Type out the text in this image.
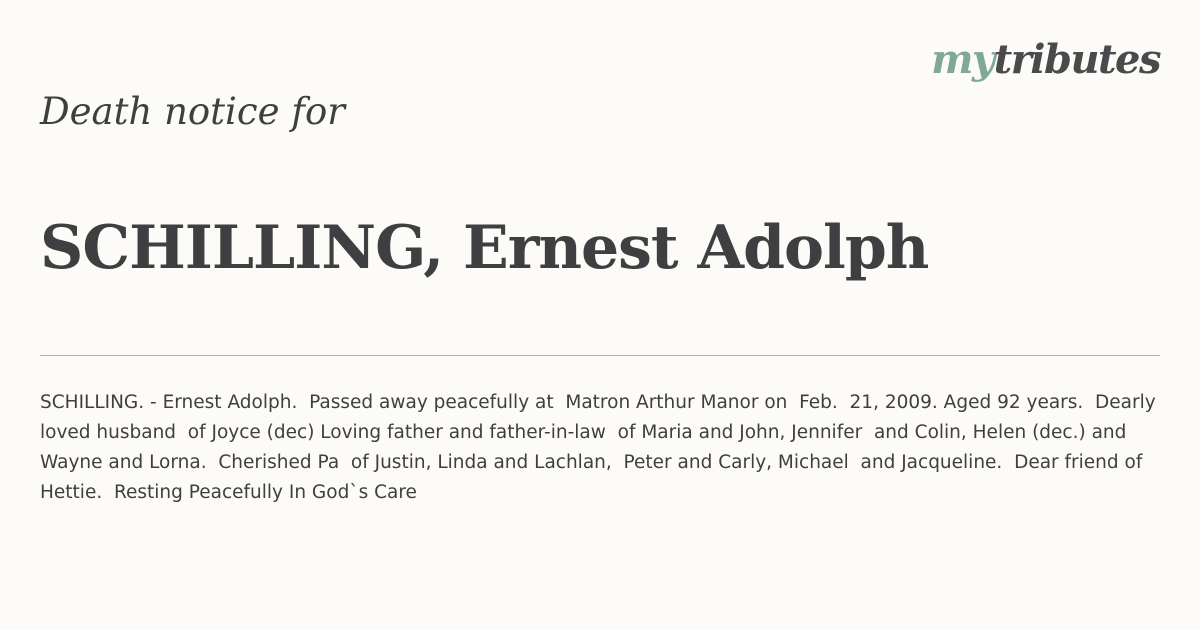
mytributes
Death notice for
SCHILLING, Ernest Adolph
SCHILLING. - Ernest Adolph.  Passed away peacefully at  Matron Arthur Manor on  Feb.  21, 2009. Aged 92 years.  Dearly loved husband  of Joyce (dec) Loving father and father-in-law  of Maria and John, Jennifer  and Colin, Helen (dec.) and  Wayne and Lorna.  Cherished Pa  of Justin, Linda and Lachlan,  Peter and Carly, Michael  and Jacqueline.  Dear friend of  Hettie.  Resting Peacefully In God`s Care
